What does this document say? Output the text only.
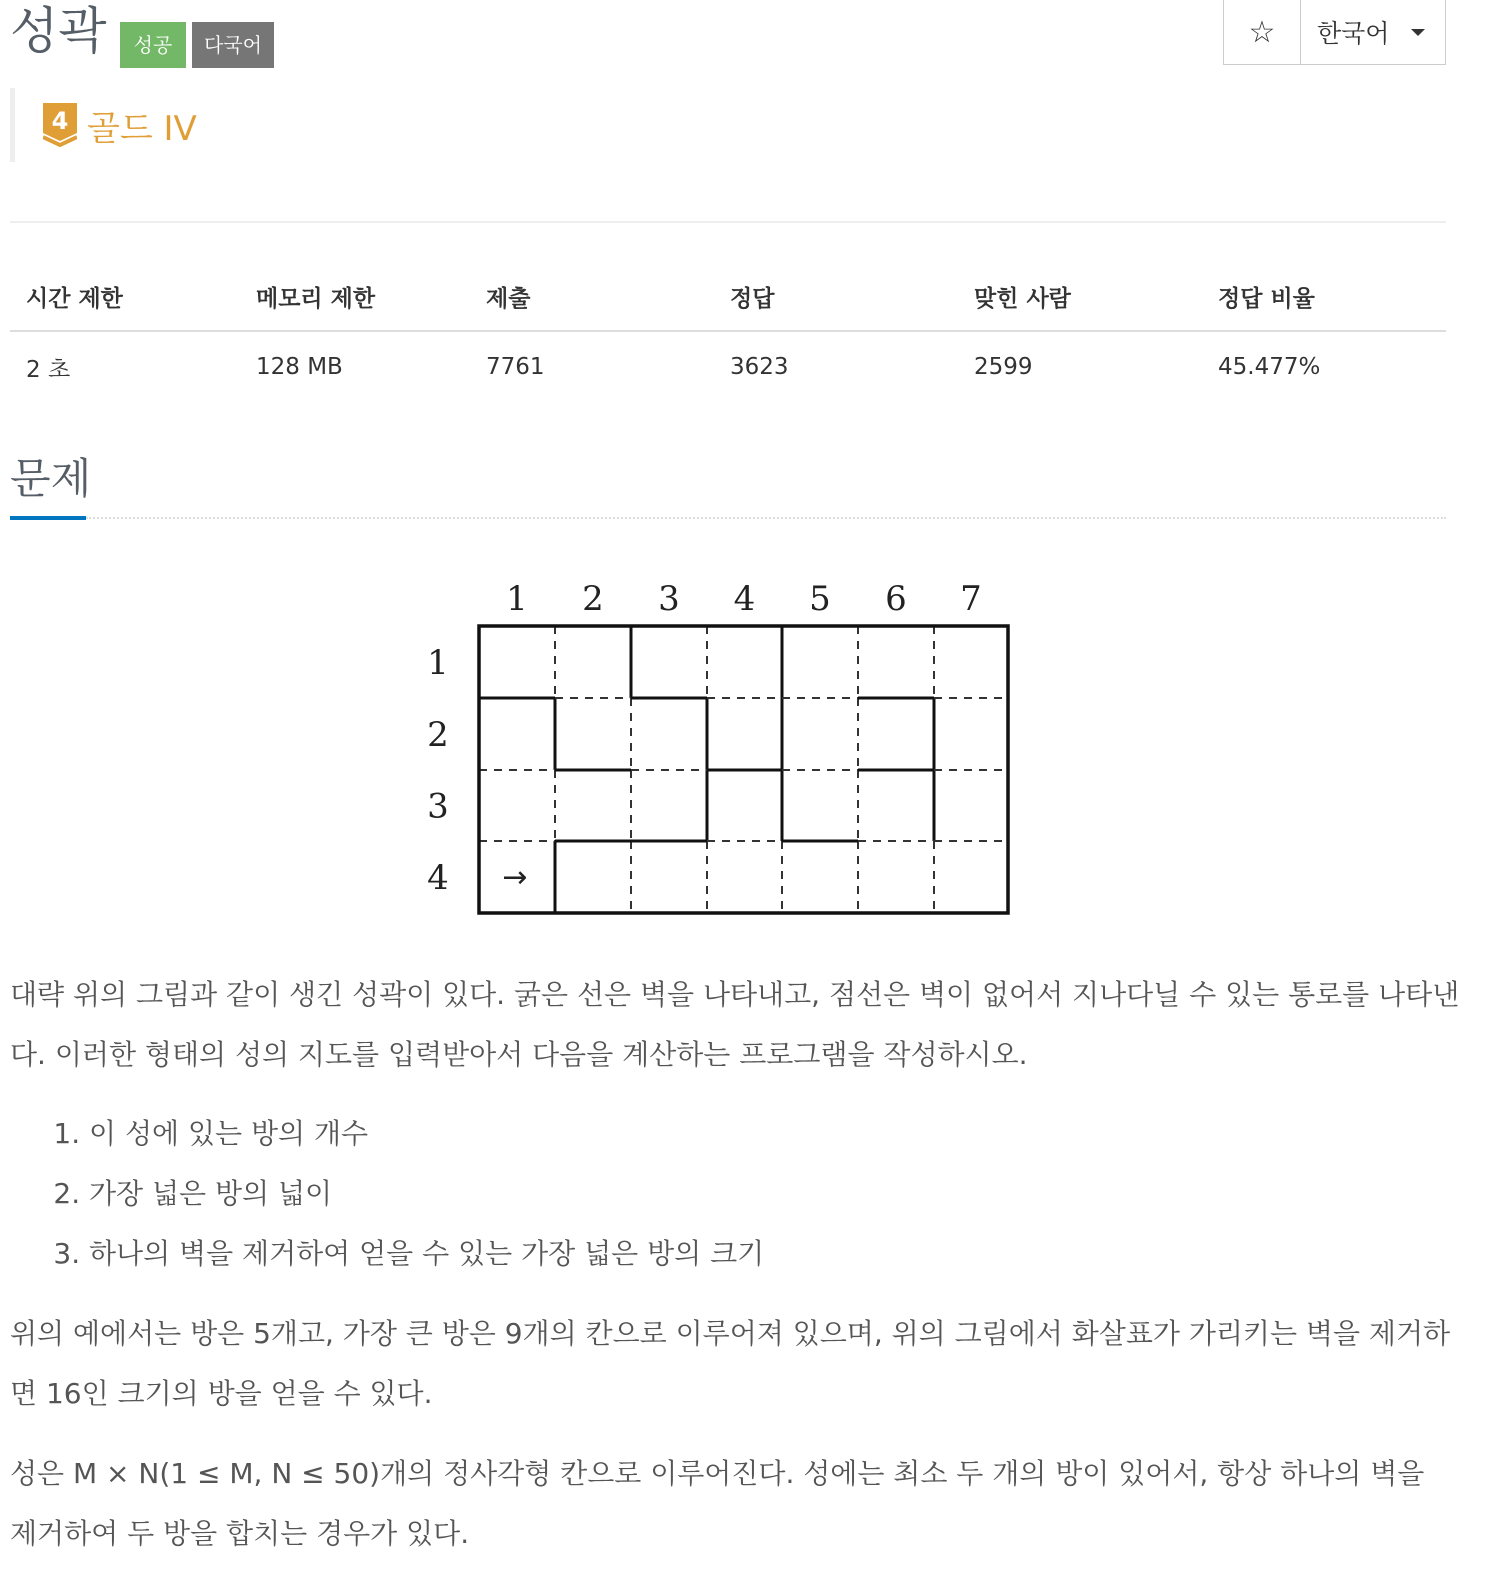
성곽	성공	다국어	☆	한국어
4 골드 IV
시간 제한	메모리 제한	제출	정답	맞힌 사람	정답 비율
2 초	128 MB	7761	3623	2599	45.477%
문제
1 2 3 4 5 6 7
1
2
3
4 →
대략 위의 그림과 같이 생긴 성곽이 있다. 굵은 선은 벽을 나타내고, 점선은 벽이 없어서 지나다닐 수 있는 통로를 나타낸다. 이러한 형태의 성의 지도를 입력받아서 다음을 계산하는 프로그램을 작성하시오.
1. 이 성에 있는 방의 개수
2. 가장 넓은 방의 넓이
3. 하나의 벽을 제거하여 얻을 수 있는 가장 넓은 방의 크기
위의 예에서는 방은 5개고, 가장 큰 방은 9개의 칸으로 이루어져 있으며, 위의 그림에서 화살표가 가리키는 벽을 제거하면 16인 크기의 방을 얻을 수 있다.
성은 M × N(1 ≤ M, N ≤ 50)개의 정사각형 칸으로 이루어진다. 성에는 최소 두 개의 방이 있어서, 항상 하나의 벽을 제거하여 두 방을 합치는 경우가 있다.
